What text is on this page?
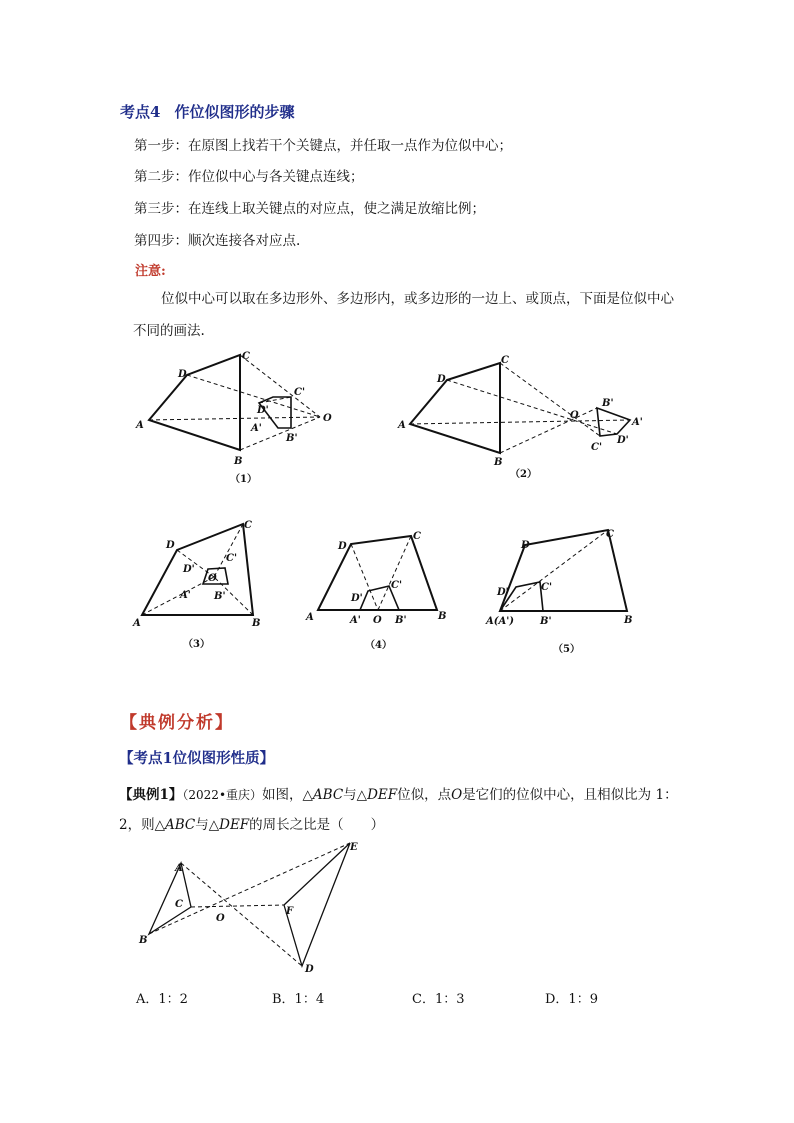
考点4 作位似图形的步骤
第一步：在原图上找若干个关键点，并任取一点作为位似中心；
第二步：作位似中心与各关键点连线；
第三步：在连线上取关键点的对应点，使之满足放缩比例；
第四步：顺次连接各对应点.
注意:
位似中心可以取在多边形外、多边形内，或多边形的一边上、或顶点，下面是位似中心不同的画法.
A
D
C
B
C'
D'
A'
B'
O
（1）
A
D
C
B
O
B'
A'
D'
C'
（2）
A
D
C
B
D'
C'
O
A' B'
（3）
A
D
C
B
D'
C'
A' O B'
（4）
A(A')
D
C
B
D'	C'
B'
（5）
【典例分析】
【考点1位似图形性质】
【典例1】（2022•重庆）如图，△ABC与△DEF位似，点O是它们的位似中心，且相似比为 1：2，则△ABC与△DEF的周长之比是（　　）
A
B
C
O
F
E
D
A．1：2	B．1：4	C．1：3	D．1：9
